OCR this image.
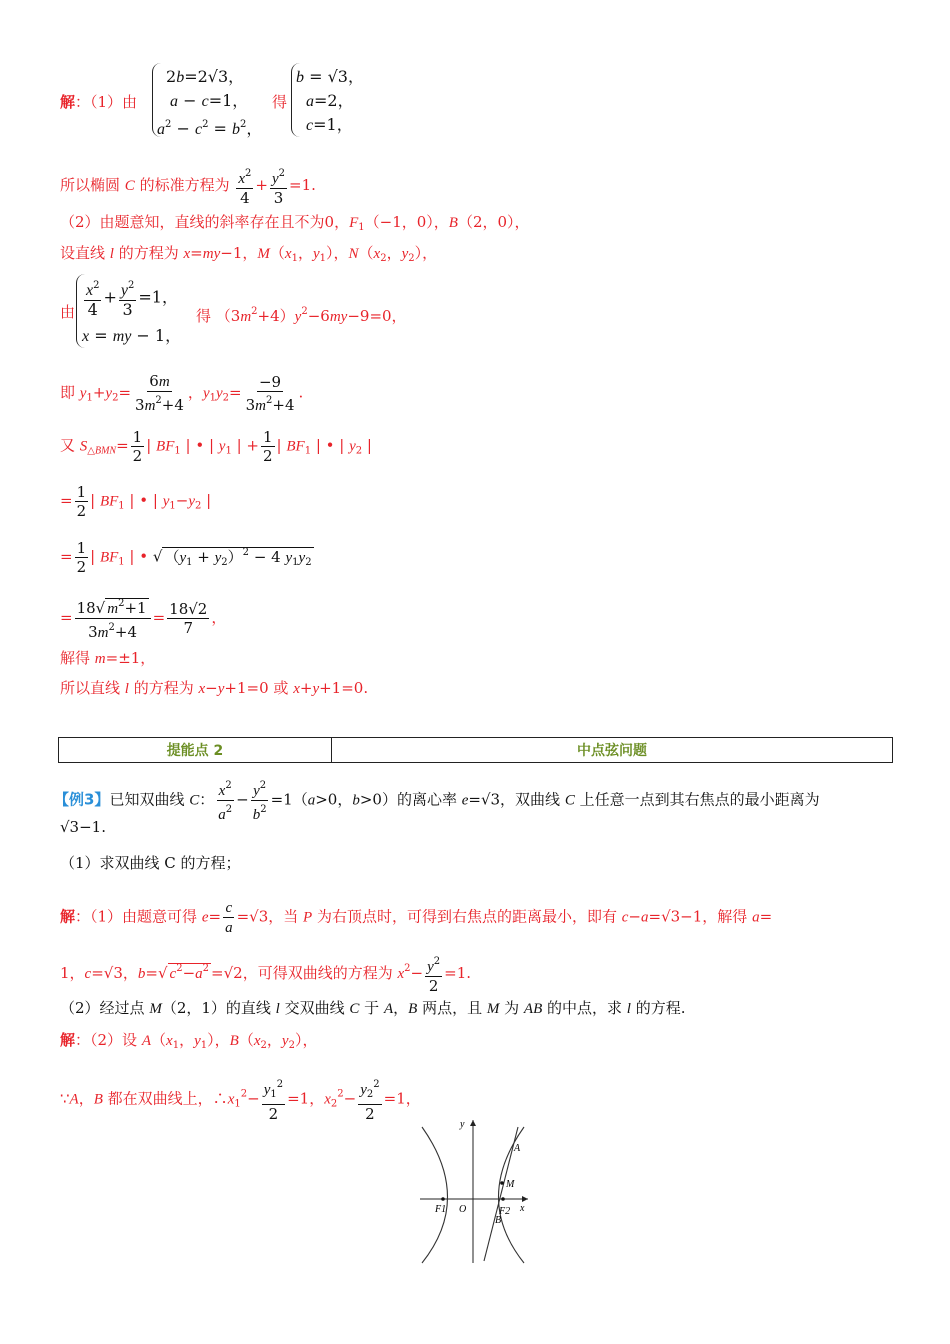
解：（1）由
2b=2√3，
a − c=1，
$a^2 - c^2 = b^2$，
得
b = √3，
a=2，
c=1，
所以椭圆 C 的标准方程为 $\frac{x^2}{4} + \frac{y^2}{3} =1$.
（2）由题意知，直线的斜率存在且不为0，$F_1(-1$，0），B（2，0），
设直线 l 的方程为 x=my−1，$M(x_1$，$y_1$），$N(x_2$，$y_2$），
由 $\frac{x^2}{4} + \frac{y^2}{3} =1$，
x = my − 1，
得 $(3m^2+4)y^2-6my-9=0$，
即 $y_1+y_2= \frac{6m}{3m^2+4}$ ，$y_1y_2= \frac{-9}{3m^2+4}$ .
又 $S_{\triangle BMN}= \frac{1}{2}$ | $BF_1$ | • | $y_1$ | + $\frac{1}{2}$ | $BF_1$ | • | $y_2$ |
= $\frac{1}{2}$ | $BF_1$ | • | $y_1-y_2$ |
= $\frac{1}{2}$ | $BF_1$ | • √ $(y_1 + y_2)^2 - 4$ $y_1y_2$
= $\frac{18√ m^2+1}{3m^2+4} = \frac{18√2}{7}$ ，
解得 m=±1，
所以直线 l 的方程为 x−y+1=0 或 x+y+1=0.
提能点 2	中点弦问题
【例3】已知双曲线 C： $\frac{x^2}{a^2} - \frac{y^2}{b^2} =1(a>0$，b>0）的离心率 e=√3，双曲线 C 上任意一点到其右焦点的最小距离为
√3−1.
（1）求双曲线 C 的方程；
解：（1）由题意可得 $e= \frac{c}{a} =√3$，当 P 为右顶点时，可得到右焦点的距离最小，即有 c−a=√3−1，解得 a=
1，c=√3，b=√ $c^2-a^2 =√2$，可得双曲线的方程为 $x^2- \frac{y^2}{2} =1$.
（2）经过点 M（2，1）的直线 l 交双曲线 C 于 A，B 两点，且 M 为 AB 的中点，求 l 的方程.
解：（2）设 $A(x_1$，$y_1$），$B(x_2$，$y_2$），
∵A，B 都在双曲线上，$\therefore x_1^2- \frac{y_1^2}{2} =1$，$x_2^2- \frac{y_2^2}{2} =1$，
y
x
O
F1	F2
A
M
B
